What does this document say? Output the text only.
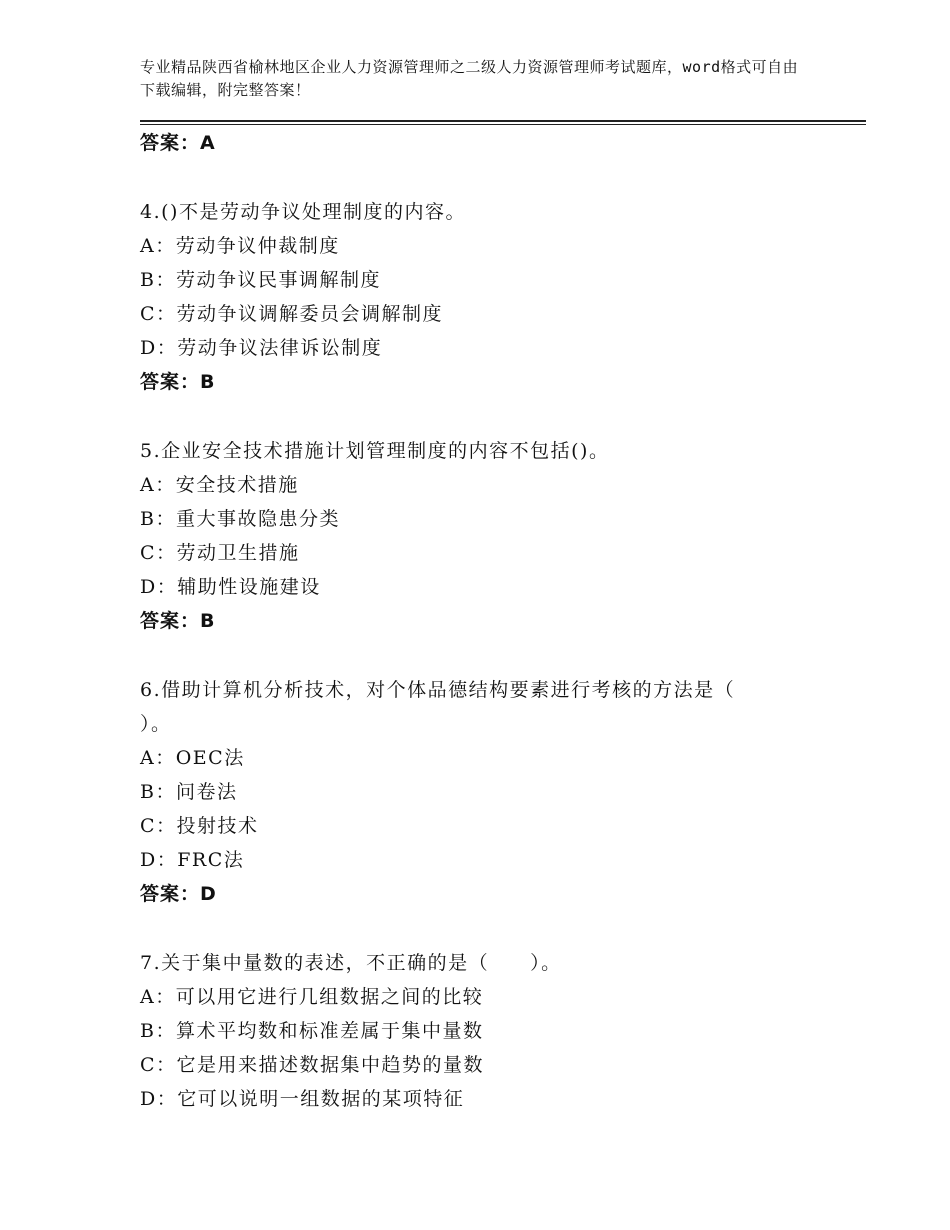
专业精品陕西省榆林地区企业人力资源管理师之二级人力资源管理师考试题库，word格式可自由下载编辑，附完整答案！
答案：A
4.()不是劳动争议处理制度的内容。
A：劳动争议仲裁制度
B：劳动争议民事调解制度
C：劳动争议调解委员会调解制度
D：劳动争议法律诉讼制度
答案：B
5.企业安全技术措施计划管理制度的内容不包括()。
A：安全技术措施
B：重大事故隐患分类
C：劳动卫生措施
D：辅助性设施建设
答案：B
6.借助计算机分析技术，对个体品德结构要素进行考核的方法是（
）。
A：OEC法
B：问卷法
C：投射技术
D：FRC法
答案：D
7.关于集中量数的表述，不正确的是（　　）。
A：可以用它进行几组数据之间的比较
B：算术平均数和标准差属于集中量数
C：它是用来描述数据集中趋势的量数
D：它可以说明一组数据的某项特征
